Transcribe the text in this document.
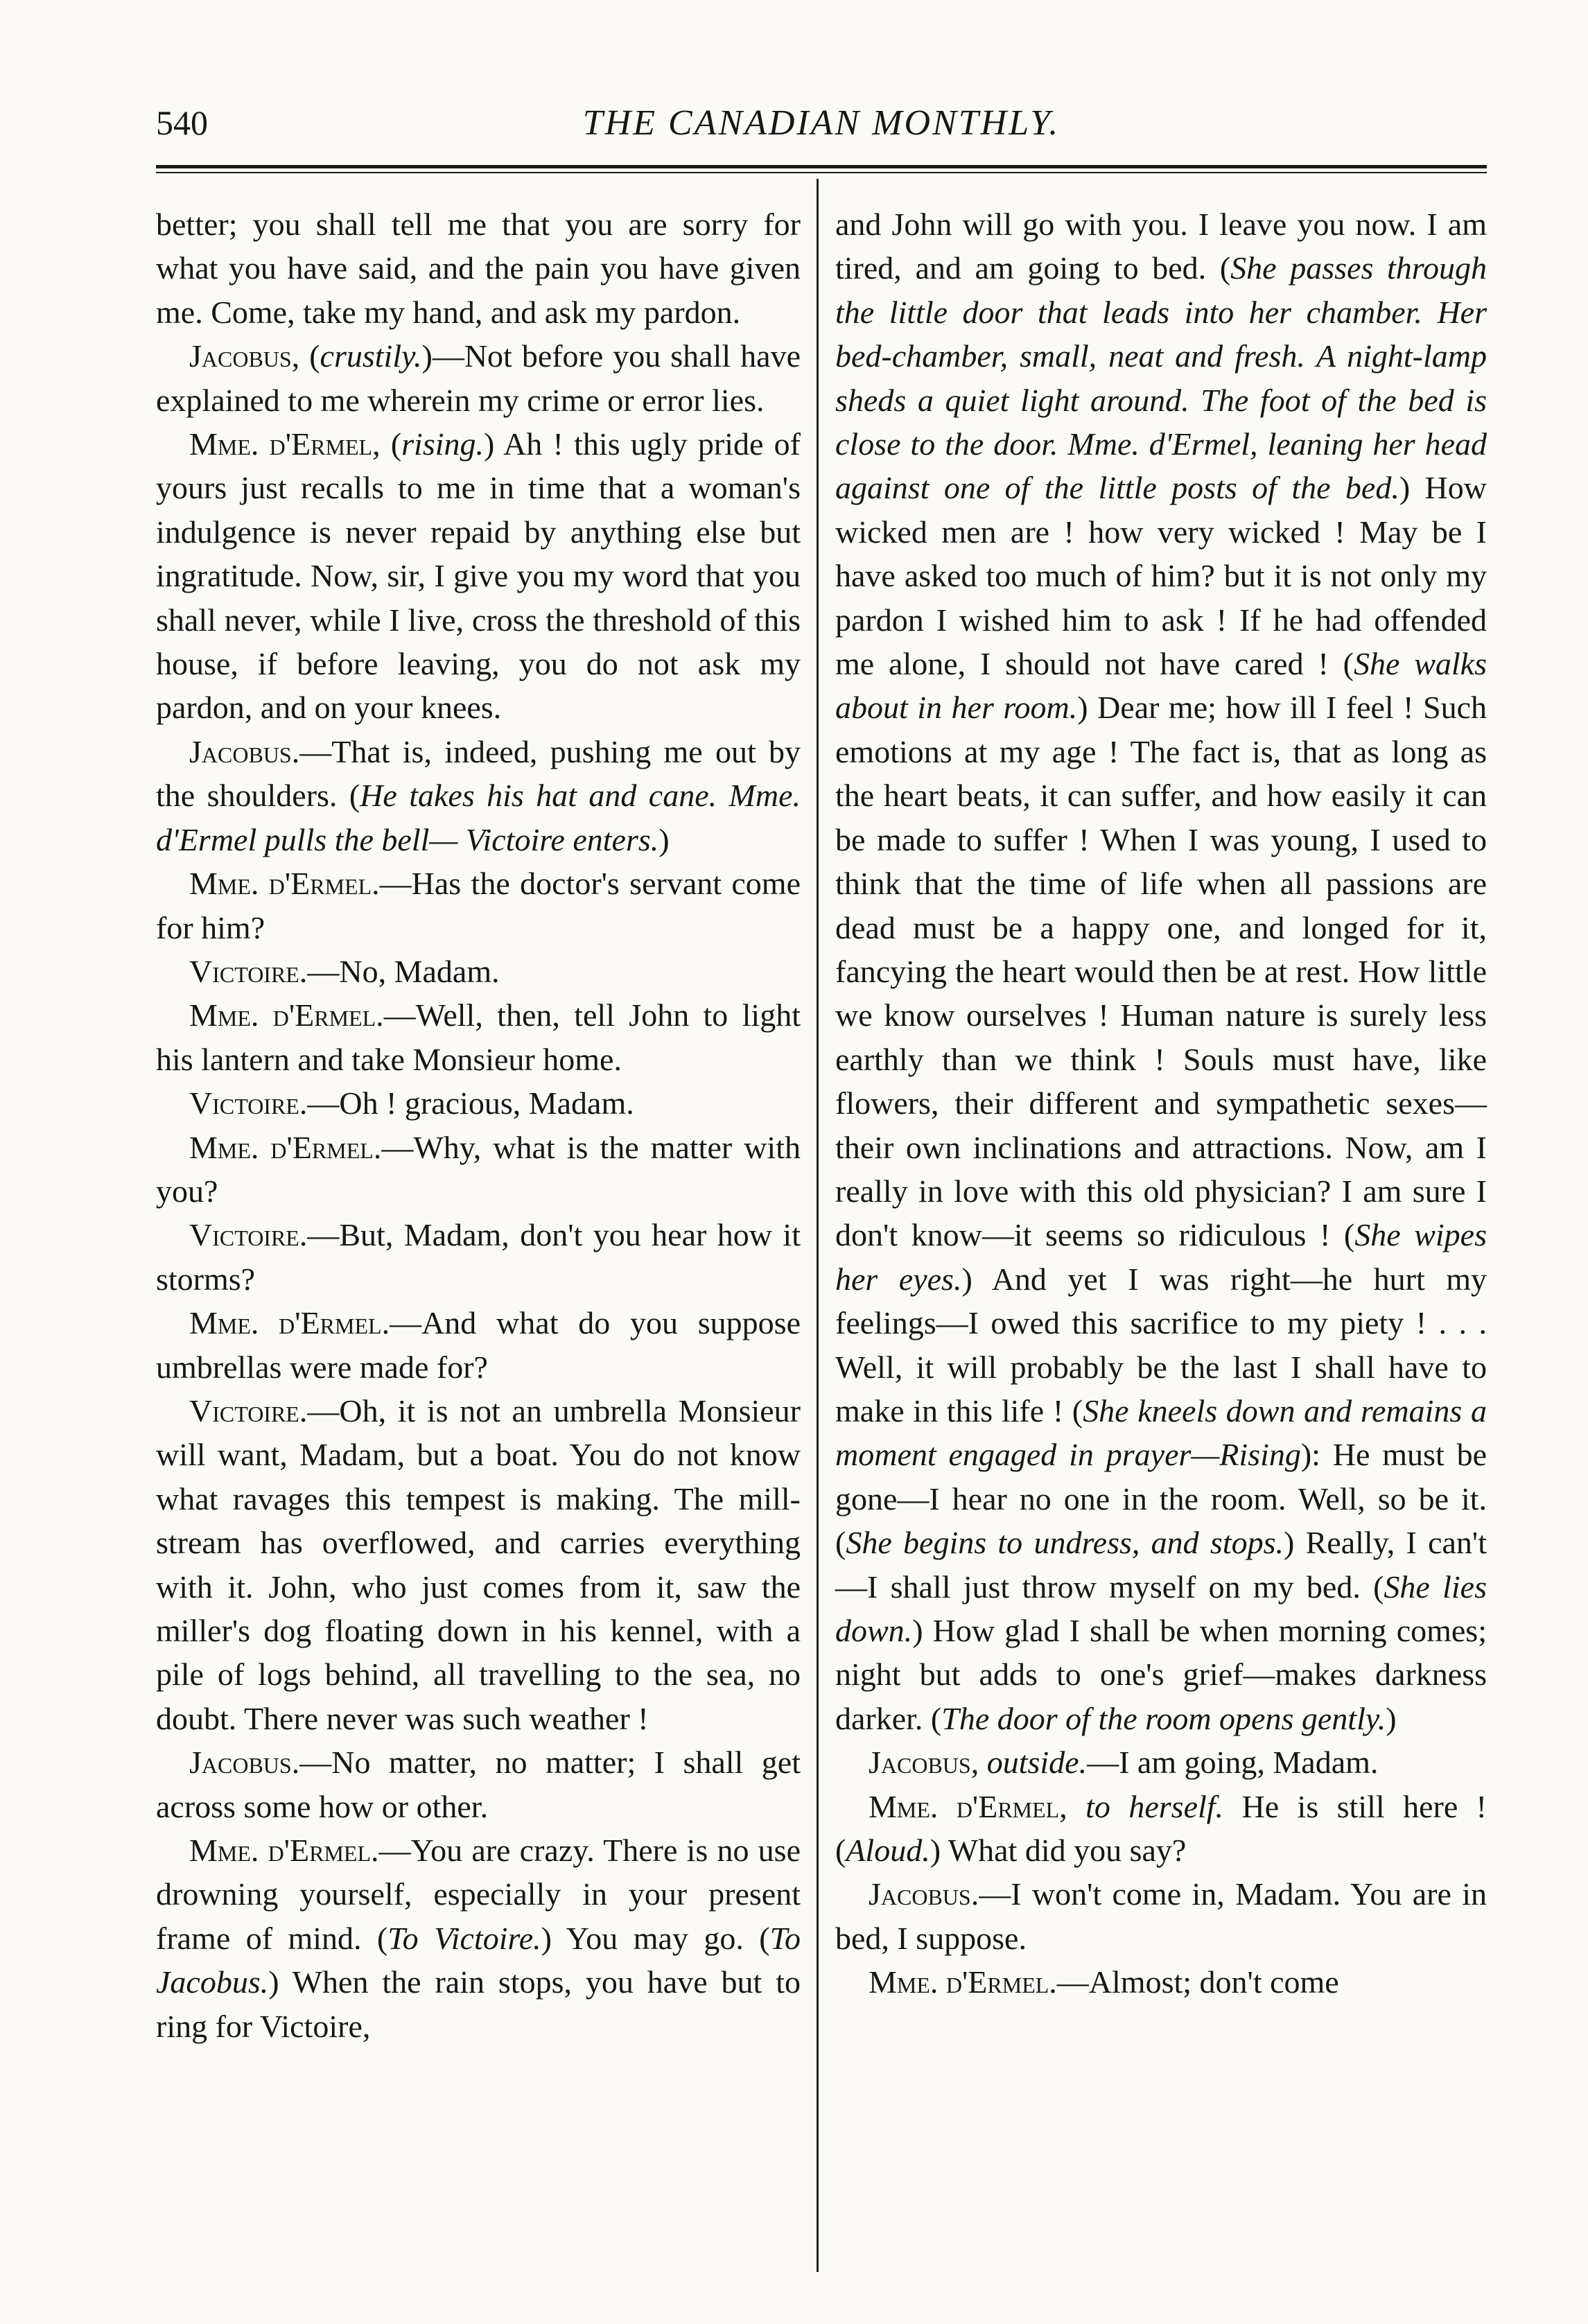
540	THE CANADIAN MONTHLY.

better; you shall tell me that you are sorry for what you have said, and the pain you have given me. Come, take my hand, and ask my pardon.

Jacobus, (crustily.)—Not before you shall have explained to me wherein my crime or error lies.

Mme. d'Ermel, (rising.) Ah ! this ugly pride of yours just recalls to me in time that a woman's indulgence is never repaid by anything else but ingratitude. Now, sir, I give you my word that you shall never, while I live, cross the threshold of this house, if before leaving, you do not ask my pardon, and on your knees.

Jacobus.—That is, indeed, pushing me out by the shoulders. (He takes his hat and cane. Mme. d'Ermel pulls the bell— Victoire enters.)

Mme. d'Ermel.—Has the doctor's servant come for him?

Victoire.—No, Madam.

Mme. d'Ermel.—Well, then, tell John to light his lantern and take Monsieur home.

Victoire.—Oh ! gracious, Madam.

Mme. d'Ermel.—Why, what is the matter with you?

Victoire.—But, Madam, don't you hear how it storms?

Mme. d'Ermel.—And what do you suppose umbrellas were made for?

Victoire.—Oh, it is not an umbrella Monsieur will want, Madam, but a boat. You do not know what ravages this tempest is making. The mill-stream has overflowed, and carries everything with it. John, who just comes from it, saw the miller's dog floating down in his kennel, with a pile of logs behind, all travelling to the sea, no doubt. There never was such weather !

Jacobus.—No matter, no matter; I shall get across some how or other.

Mme. d'Ermel.—You are crazy. There is no use drowning yourself, especially in your present frame of mind. (To Victoire.) You may go. (To Jacobus.) When the rain stops, you have but to ring for Victoire,

and John will go with you. I leave you now. I am tired, and am going to bed. (She passes through the little door that leads into her chamber. Her bed-chamber, small, neat and fresh. A night-lamp sheds a quiet light around. The foot of the bed is close to the door. Mme. d'Ermel, leaning her head against one of the little posts of the bed.) How wicked men are ! how very wicked ! May be I have asked too much of him? but it is not only my pardon I wished him to ask ! If he had offended me alone, I should not have cared ! (She walks about in her room.) Dear me; how ill I feel ! Such emotions at my age ! The fact is, that as long as the heart beats, it can suffer, and how easily it can be made to suffer ! When I was young, I used to think that the time of life when all passions are dead must be a happy one, and longed for it, fancying the heart would then be at rest. How little we know ourselves ! Human nature is surely less earthly than we think ! Souls must have, like flowers, their different and sympathetic sexes—their own inclinations and attractions. Now, am I really in love with this old physician? I am sure I don't know—it seems so ridiculous ! (She wipes her eyes.) And yet I was right—he hurt my feelings—I owed this sacrifice to my piety ! . . . Well, it will probably be the last I shall have to make in this life ! (She kneels down and remains a moment engaged in prayer—Rising): He must be gone—I hear no one in the room. Well, so be it. (She begins to undress, and stops.) Really, I can't—I shall just throw myself on my bed. (She lies down.) How glad I shall be when morning comes; night but adds to one's grief—makes darkness darker. (The door of the room opens gently.)

Jacobus, outside.—I am going, Madam.

Mme. d'Ermel, to herself. He is still here ! (Aloud.) What did you say?

Jacobus.—I won't come in, Madam. You are in bed, I suppose.

Mme. d'Ermel.—Almost; don't come
